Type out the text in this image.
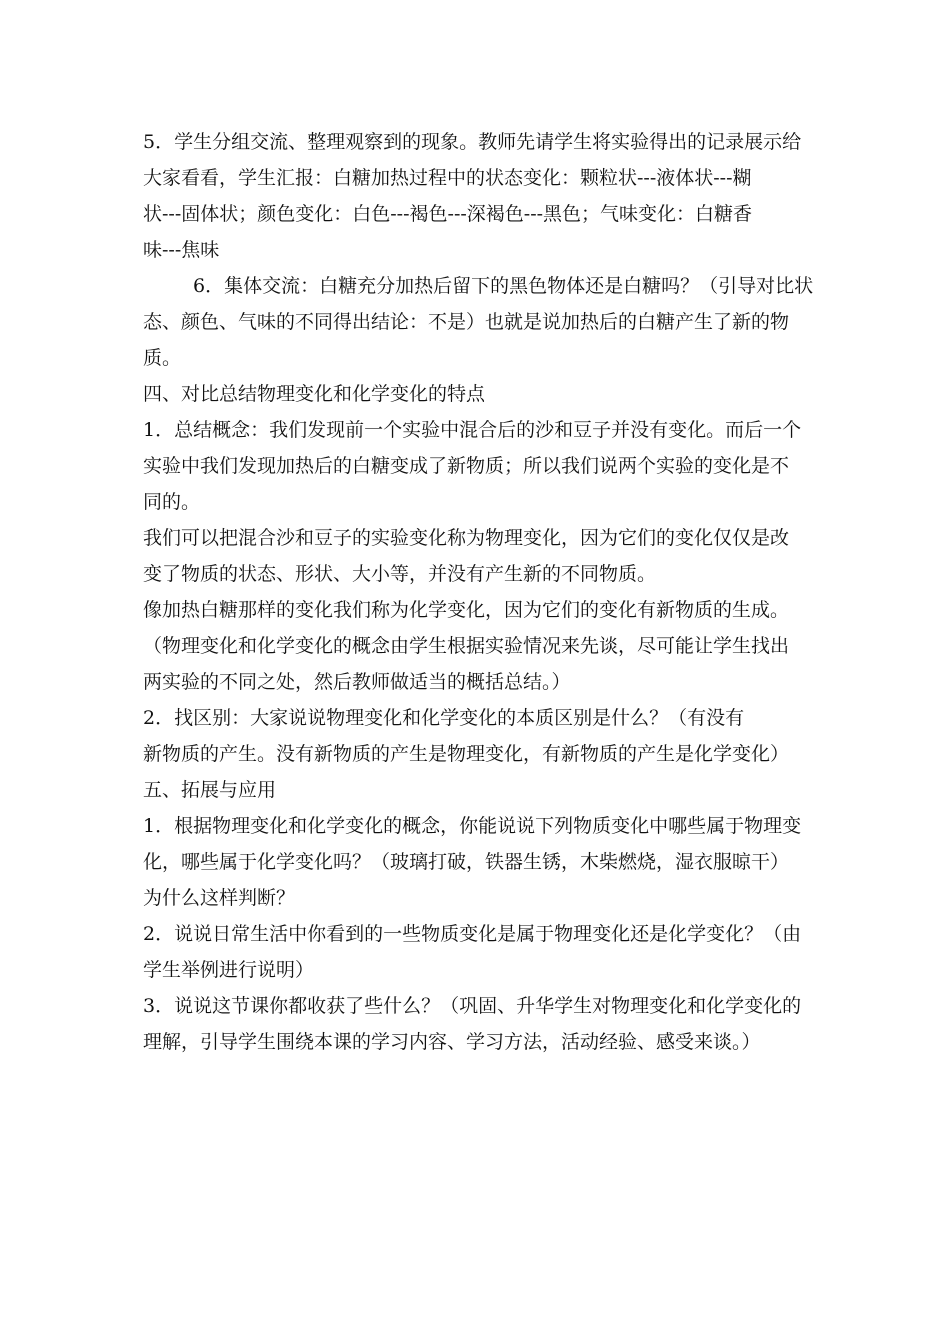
5．学生分组交流、整理观察到的现象。教师先请学生将实验得出的记录展示给
大家看看，学生汇报：白糖加热过程中的状态变化：颗粒状---液体状---糊
状---固体状；颜色变化：白色---褐色---深褐色---黑色；气味变化：白糖香
味---焦味
6．集体交流：白糖充分加热后留下的黑色物体还是白糖吗？（引导对比状
态、颜色、气味的不同得出结论：不是）也就是说加热后的白糖产生了新的物
质。
四、对比总结物理变化和化学变化的特点
1．总结概念：我们发现前一个实验中混合后的沙和豆子并没有变化。而后一个
实验中我们发现加热后的白糖变成了新物质；所以我们说两个实验的变化是不
同的。
我们可以把混合沙和豆子的实验变化称为物理变化，因为它们的变化仅仅是改
变了物质的状态、形状、大小等，并没有产生新的不同物质。
像加热白糖那样的变化我们称为化学变化，因为它们的变化有新物质的生成。
（物理变化和化学变化的概念由学生根据实验情况来先谈，尽可能让学生找出
两实验的不同之处，然后教师做适当的概括总结。）
2．找区别：大家说说物理变化和化学变化的本质区别是什么？（有没有
新物质的产生。没有新物质的产生是物理变化，有新物质的产生是化学变化）
五、拓展与应用
1．根据物理变化和化学变化的概念，你能说说下列物质变化中哪些属于物理变
化，哪些属于化学变化吗？（玻璃打破，铁器生锈，木柴燃烧，湿衣服晾干）
为什么这样判断？
2．说说日常生活中你看到的一些物质变化是属于物理变化还是化学变化？（由
学生举例进行说明）
3．说说这节课你都收获了些什么？（巩固、升华学生对物理变化和化学变化的
理解，引导学生围绕本课的学习内容、学习方法，活动经验、感受来谈。）
